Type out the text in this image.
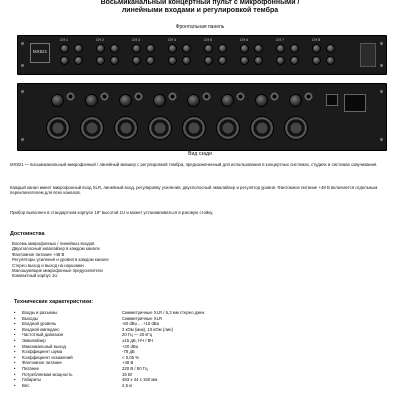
Восьмиканальный концертный пульт с микрофонными /
линейными входами и регулировкой тембра
Фронтальная панель
MX821
CH 1	CH 2	CH 3	CH 4	CH 5	CH 6	CH 7	CH 8
Вид сзади
MX821 — восьмиканальный микрофонный / линейный микшер с регулировкой тембра, предназначенный для использования в концертных системах, студиях и системах озвучивания.
Каждый канал имеет микрофонный вход XLR, линейный вход, регулировку усиления, двухполосный эквалайзер и регулятор уровня. Фантомное питание +48 В включается отдельным переключателем для всех каналов.
Прибор выполнен в стандартном корпусе 19" высотой 1U и может устанавливаться в рэковую стойку.
Достоинства
Восемь микрофонных / линейных входов
Двухполосный эквалайзер в каждом канале
Фантомное питание +48 В
Регуляторы усиления и уровня в каждом канале
Стерео выход и выход на наушники
Малошумящие микрофонные предусилители
Компактный корпус 1U
Технические характеристики:
• Входы и разъемы	Симметричные XLR / 6,3 мм стерео джек
• Выходы	Симметричные XLR
• Входной уровень	-60 dBu ... +10 dBu
• Входной импеданс	2 кОм (мик), 10 кОм (лин)
• Частотный диапазон	20 Гц — 20 кГц
• Эквалайзер	±15 дБ, НЧ / ВЧ
• Максимальный выход	+20 dBu
• Коэффициент шума	-78 дБ
• Коэффициент искажений	< 0,05 %
• Фантомное питание	+48 В
• Питание	220 В / 50 Гц
• Потребляемая мощность	15 Вт
• Габариты	483 x 44 x 150 мм
• Вес	2,5 кг
